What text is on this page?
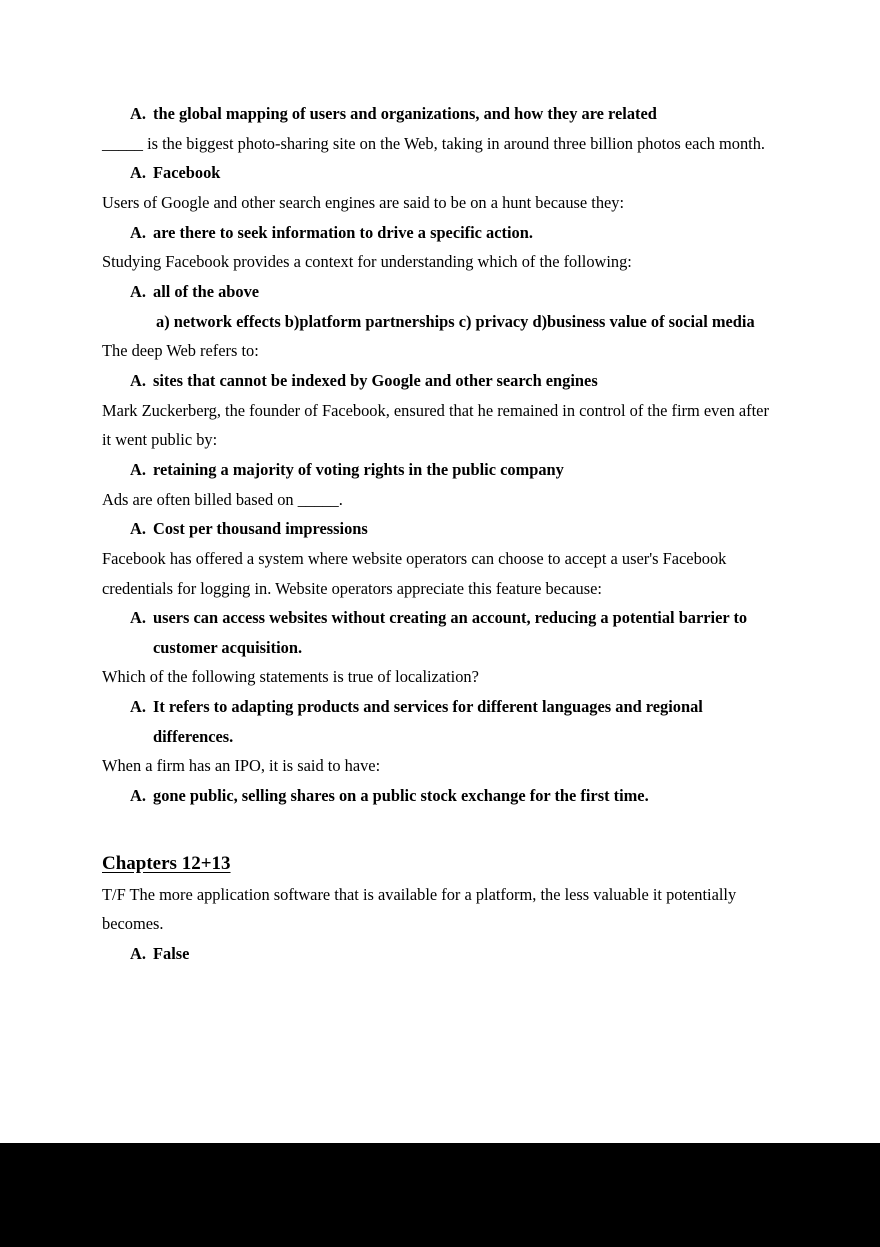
A. the global mapping of users and organizations, and how they are related

_____ is the biggest photo-sharing site on the Web, taking in around three billion photos each month.

A. Facebook

Users of Google and other search engines are said to be on a hunt because they:

A. are there to seek information to drive a specific action.

Studying Facebook provides a context for understanding which of the following:

A. all of the above
a) network effects b)platform partnerships c) privacy d)business value of social media

The deep Web refers to:

A. sites that cannot be indexed by Google and other search engines

Mark Zuckerberg, the founder of Facebook, ensured that he remained in control of the firm even after it went public by:

A. retaining a majority of voting rights in the public company

Ads are often billed based on _____.

A. Cost per thousand impressions

Facebook has offered a system where website operators can choose to accept a user's Facebook credentials for logging in. Website operators appreciate this feature because:

A. users can access websites without creating an account, reducing a potential barrier to customer acquisition.

Which of the following statements is true of localization?

A. It refers to adapting products and services for different languages and regional differences.

When a firm has an IPO, it is said to have:

A. gone public, selling shares on a public stock exchange for the first time.
Chapters 12+13

T/F The more application software that is available for a platform, the less valuable it potentially becomes.

A. False
